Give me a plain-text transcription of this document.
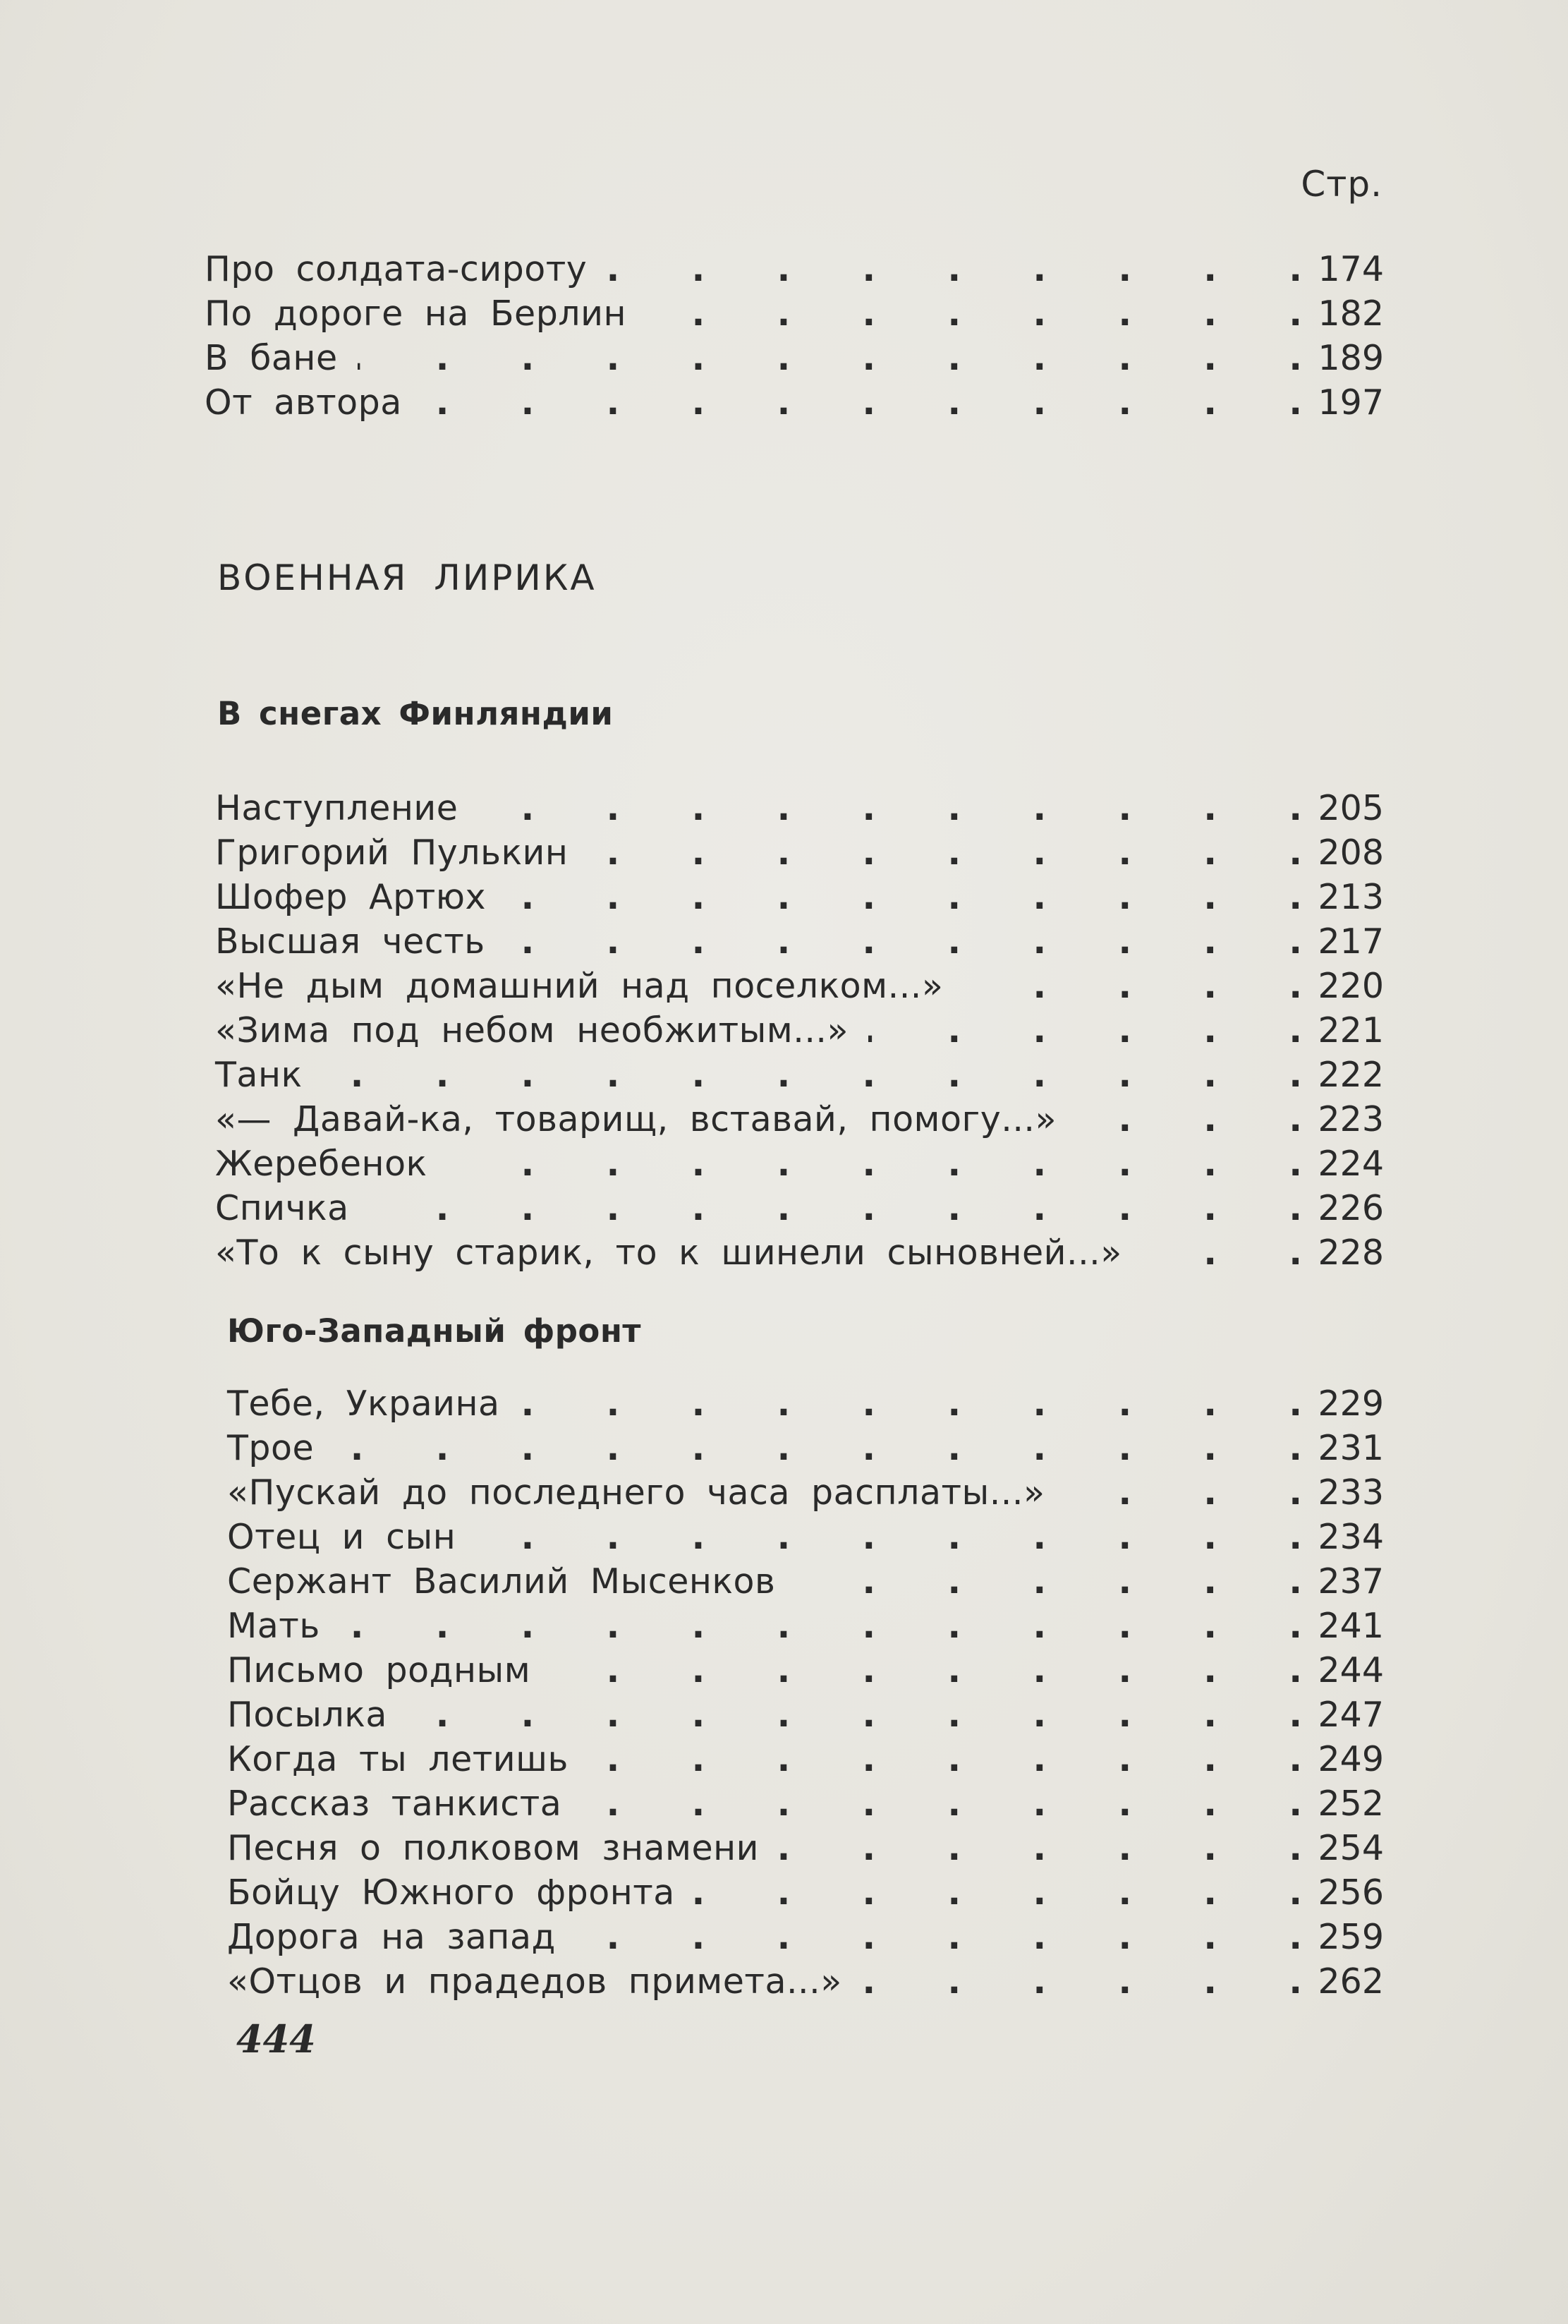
Стр.
Про солдата-сироту .	174
По дороге на Берлин .	182
В бане .	189
От автора .	197
ВОЕННАЯ ЛИРИКА
В снегах Финляндии
Наступление .	205
Григорий Пулькин .	208
Шофер Артюх .	213
Высшая честь .	217
«Не дым домашний над поселком...» .	220
«Зима под небом необжитым...» .	221
Танк .	222
«— Давай-ка, товарищ, вставай, помогу...» .	223
Жеребенок .	224
Спичка .	226
«То к сыну старик, то к шинели сыновней...» .	228
Юго-Западный фронт
Тебе, Украина .	229
Трое .	231
«Пускай до последнего часа расплаты...» .	233
Отец и сын .	234
Сержант Василий Мысенков .	237
Мать .	241
Письмо родным .	244
Посылка .	247
Когда ты летишь .	249
Рассказ танкиста .	252
Песня о полковом знамени .	254
Бойцу Южного фронта .	256
Дорога на запад .	259
«Отцов и прадедов примета...» .	262
444
